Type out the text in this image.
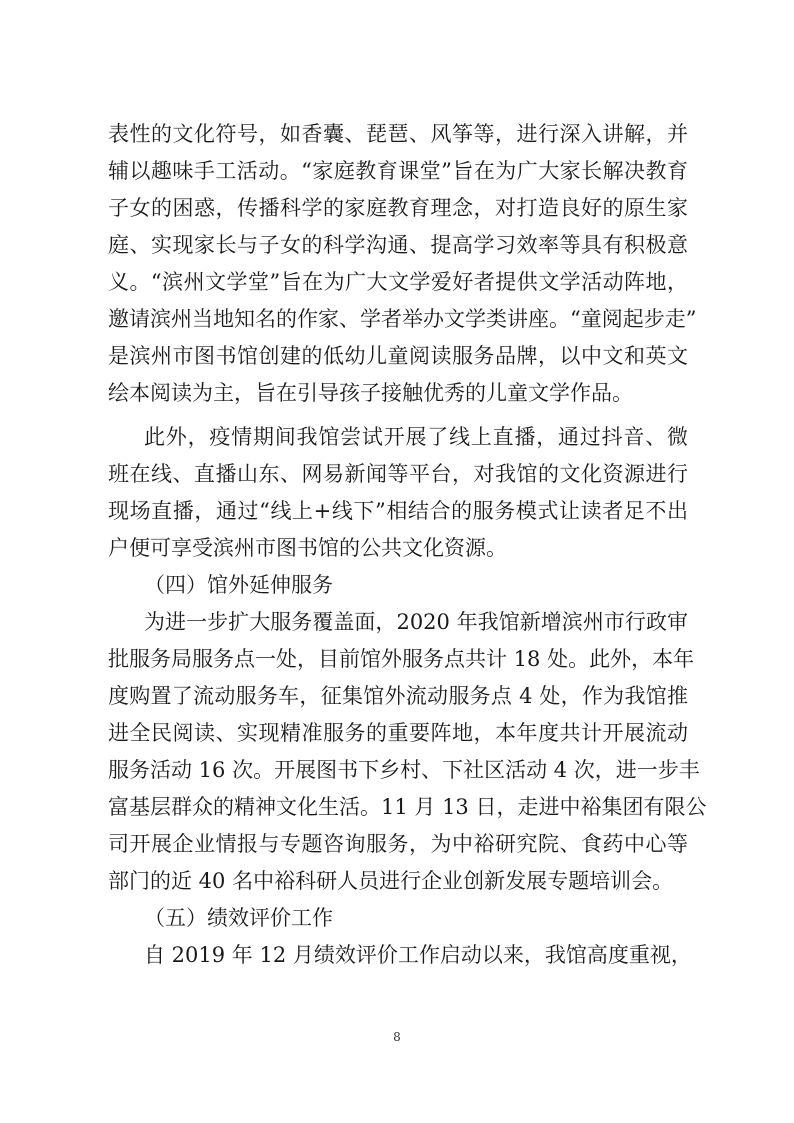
表性的文化符号，如香囊、琵琶、风筝等，进行深入讲解，并
辅以趣味手工活动。“家庭教育课堂”旨在为广大家长解决教育
子女的困惑，传播科学的家庭教育理念，对打造良好的原生家
庭、实现家长与子女的科学沟通、提高学习效率等具有积极意
义。“滨州文学堂”旨在为广大文学爱好者提供文学活动阵地，
邀请滨州当地知名的作家、学者举办文学类讲座。“童阅起步走”
是滨州市图书馆创建的低幼儿童阅读服务品牌，以中文和英文
绘本阅读为主，旨在引导孩子接触优秀的儿童文学作品。
此外，疫情期间我馆尝试开展了线上直播，通过抖音、微
班在线、直播山东、网易新闻等平台，对我馆的文化资源进行
现场直播，通过“线上+线下”相结合的服务模式让读者足不出
户便可享受滨州市图书馆的公共文化资源。
（四）馆外延伸服务
为进一步扩大服务覆盖面，2020 年我馆新增滨州市行政审
批服务局服务点一处，目前馆外服务点共计 18 处。此外，本年
度购置了流动服务车，征集馆外流动服务点 4 处，作为我馆推
进全民阅读、实现精准服务的重要阵地，本年度共计开展流动
服务活动 16 次。开展图书下乡村、下社区活动 4 次，进一步丰
富基层群众的精神文化生活。11 月 13 日，走进中裕集团有限公
司开展企业情报与专题咨询服务，为中裕研究院、食药中心等
部门的近 40 名中裕科研人员进行企业创新发展专题培训会。
（五）绩效评价工作
自 2019 年 12 月绩效评价工作启动以来，我馆高度重视，
8
